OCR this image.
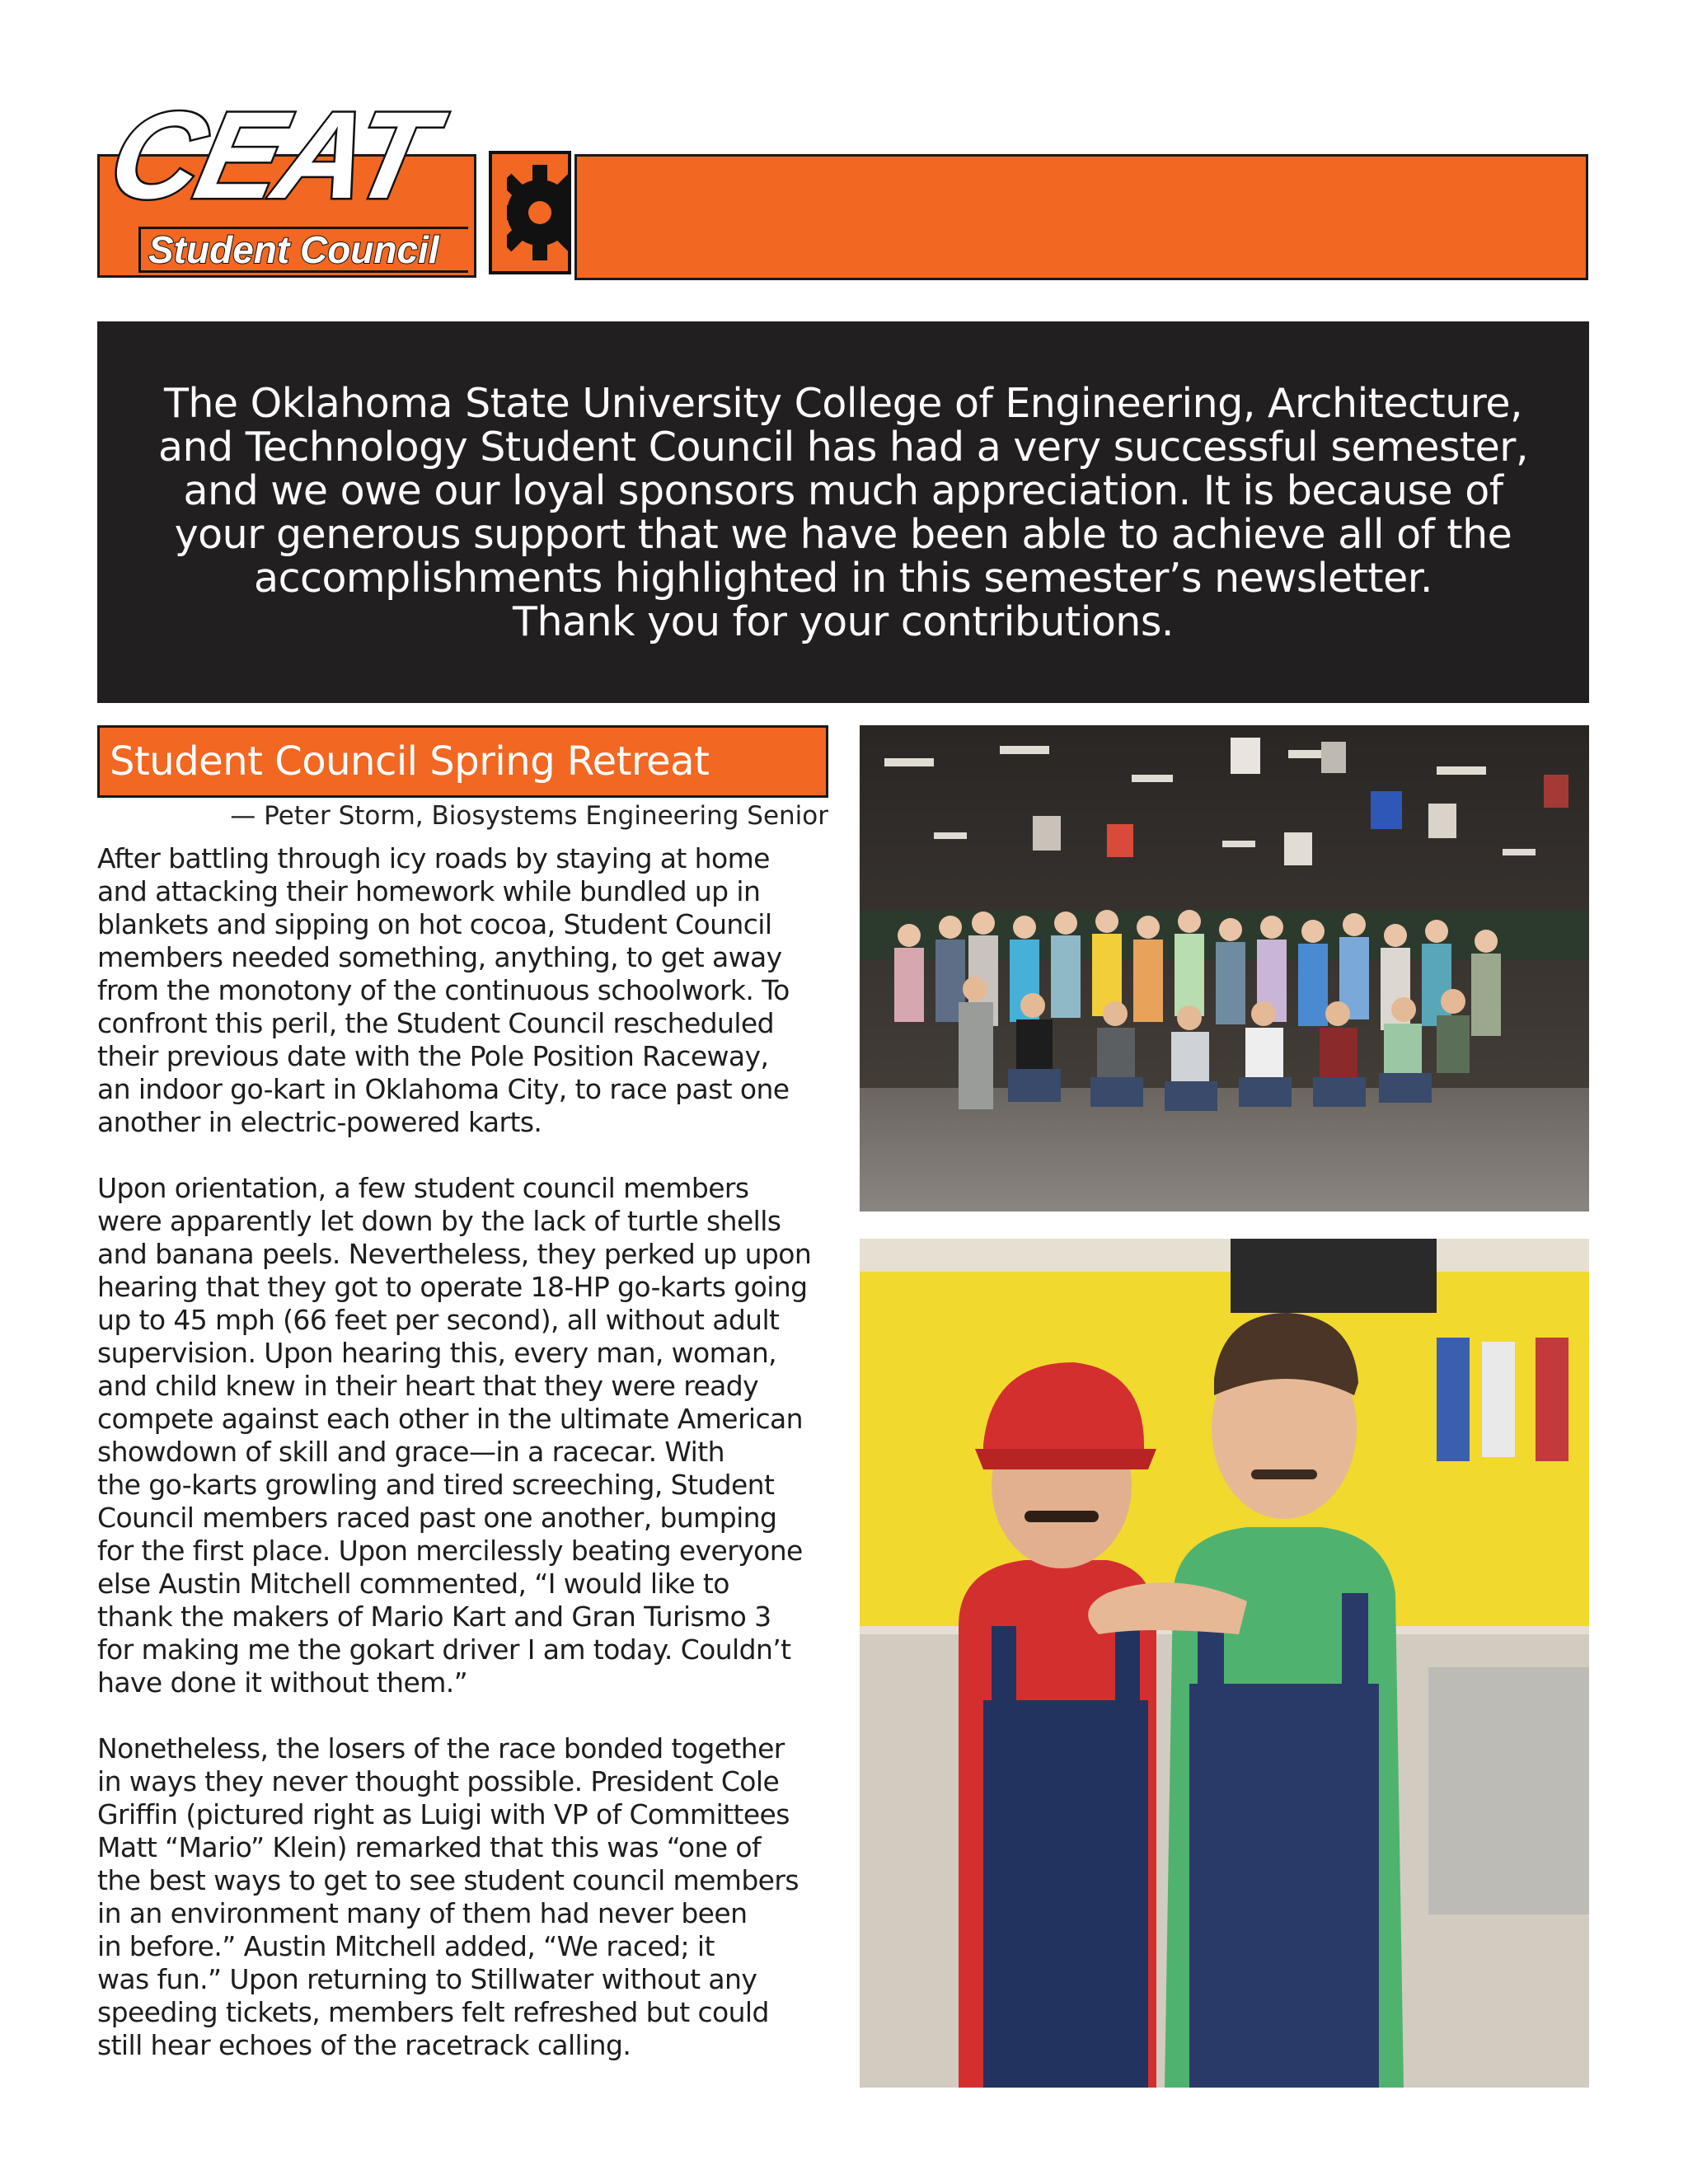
CEAT
Student Council
The Oklahoma State University College of Engineering, Architecture,
and Technology Student Council has had a very successful semester,
and we owe our loyal sponsors much appreciation. It is because of
your generous support that we have been able to achieve all of the
accomplishments highlighted in this semester’s newsletter.
Thank you for your contributions.
Student Council Spring Retreat
— Peter Storm, Biosystems Engineering Senior

After battling through icy roads by staying at home
and attacking their homework while bundled up in
blankets and sipping on hot cocoa, Student Council
members needed something, anything, to get away
from the monotony of the continuous schoolwork. To
confront this peril, the Student Council rescheduled
their previous date with the Pole Position Raceway,
an indoor go-kart in Oklahoma City, to race past one
another in electric-powered karts.

Upon orientation, a few student council members
were apparently let down by the lack of turtle shells
and banana peels. Nevertheless, they perked up upon
hearing that they got to operate 18-HP go-karts going
up to 45 mph (66 feet per second), all without adult
supervision. Upon hearing this, every man, woman,
and child knew in their heart that they were ready
compete against each other in the ultimate American
showdown of skill and grace—in a racecar. With
the go-karts growling and tired screeching, Student
Council members raced past one another, bumping
for the first place. Upon mercilessly beating everyone
else Austin Mitchell commented, “I would like to
thank the makers of Mario Kart and Gran Turismo 3
for making me the gokart driver I am today. Couldn’t
have done it without them.”

Nonetheless, the losers of the race bonded together
in ways they never thought possible. President Cole
Griffin (pictured right as Luigi with VP of Committees
Matt “Mario” Klein) remarked that this was “one of
the best ways to get to see student council members
in an environment many of them had never been
in before.” Austin Mitchell added, “We raced; it
was fun.” Upon returning to Stillwater without any
speeding tickets, members felt refreshed but could
still hear echoes of the racetrack calling.
